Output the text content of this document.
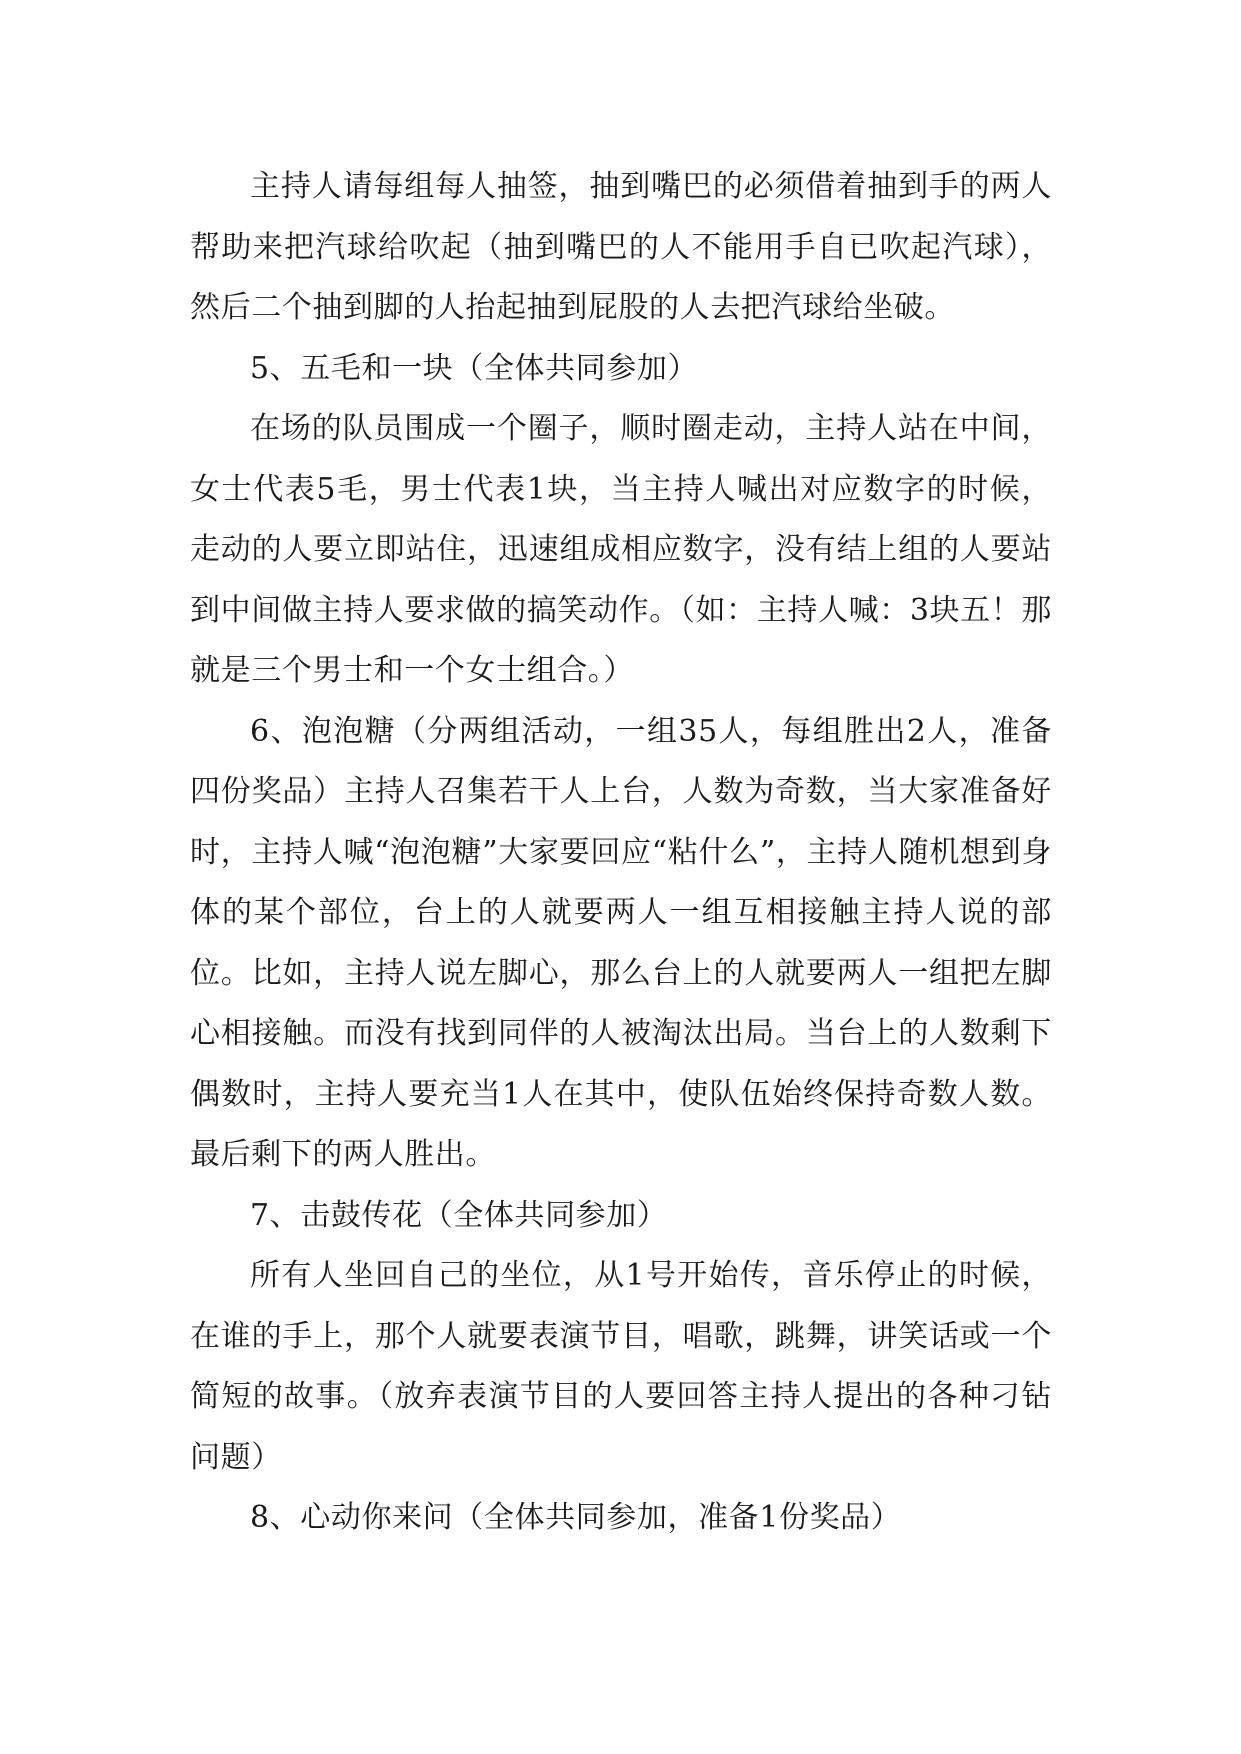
主持人请每组每人抽签，抽到嘴巴的必须借着抽到手的两人帮助来把汽球给吹起（抽到嘴巴的人不能用手自已吹起汽球），然后二个抽到脚的人抬起抽到屁股的人去把汽球给坐破。

5、五毛和一块（全体共同参加）

在场的队员围成一个圈子，顺时圈走动，主持人站在中间，女士代表5毛，男士代表1块，当主持人喊出对应数字的时候，走动的人要立即站住，迅速组成相应数字，没有结上组的人要站到中间做主持人要求做的搞笑动作。（如：主持人喊：3块五！那就是三个男士和一个女士组合。）

6、泡泡糖（分两组活动，一组35人，每组胜出2人，准备四份奖品）主持人召集若干人上台，人数为奇数，当大家准备好时，主持人喊“泡泡糖”大家要回应“粘什么”，主持人随机想到身体的某个部位，台上的人就要两人一组互相接触主持人说的部位。比如，主持人说左脚心，那么台上的人就要两人一组把左脚心相接触。而没有找到同伴的人被淘汰出局。当台上的人数剩下偶数时，主持人要充当1人在其中，使队伍始终保持奇数人数。最后剩下的两人胜出。

7、击鼓传花（全体共同参加）

所有人坐回自己的坐位，从1号开始传，音乐停止的时候，在谁的手上，那个人就要表演节目，唱歌，跳舞，讲笑话或一个简短的故事。（放弃表演节目的人要回答主持人提出的各种刁钻问题）

8、心动你来问（全体共同参加，准备1份奖品）
